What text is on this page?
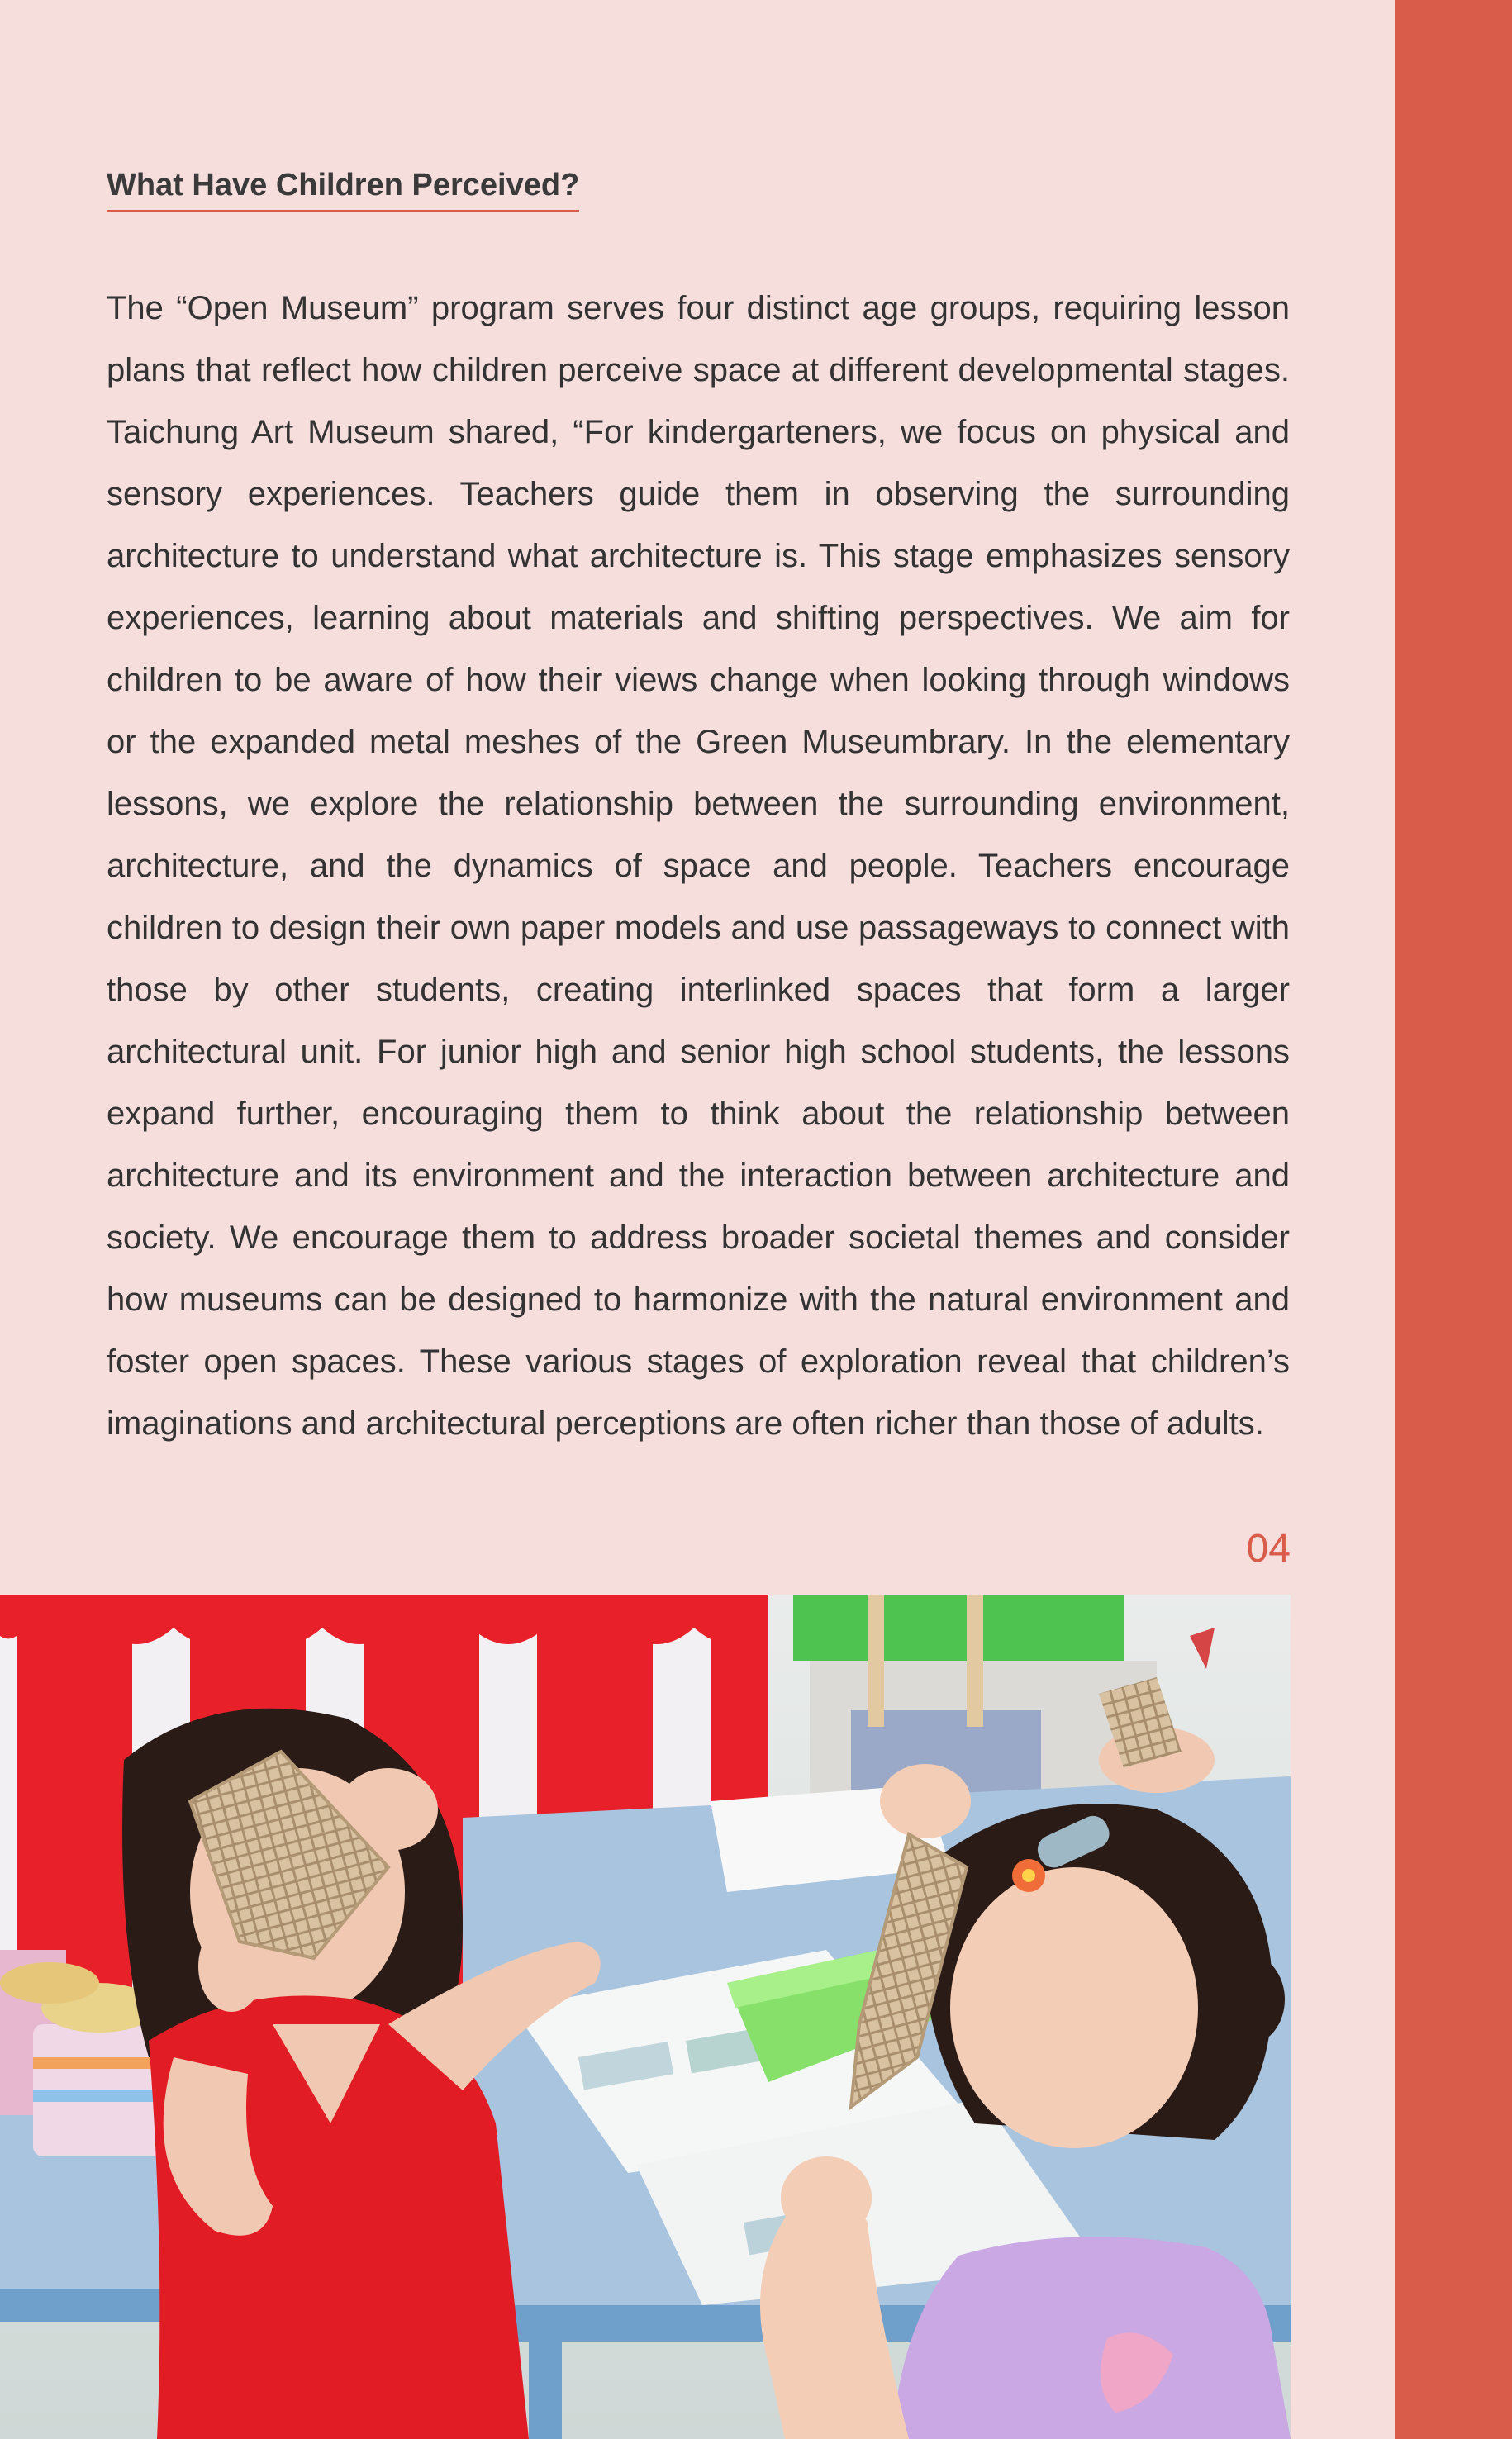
What Have Children Perceived?

The “Open Museum” program serves four distinct age groups, requiring lesson plans that reflect how children perceive space at different developmental stages. Taichung Art Museum shared, “For kindergarteners, we focus on physical and sensory experiences. Teachers guide them in observing the surrounding architecture to understand what architecture is. This stage emphasizes sensory experiences, learning about materials and shifting perspectives. We aim for children to be aware of how their views change when looking through windows or the expanded metal meshes of the Green Museumbrary. In the elementary lessons, we explore the relationship between the surrounding environment, architecture, and the dynamics of space and people. Teachers encourage children to design their own paper models and use passageways to connect with those by other students, creating interlinked spaces that form a larger architectural unit. For junior high and senior high school students, the lessons expand further, encouraging them to think about the relationship between architecture and its environment and the interaction between architecture and society. We encourage them to address broader societal themes and consider how museums can be designed to harmonize with the natural environment and foster open spaces. These various stages of exploration reveal that children’s imaginations and architectural perceptions are often richer than those of adults.

04
